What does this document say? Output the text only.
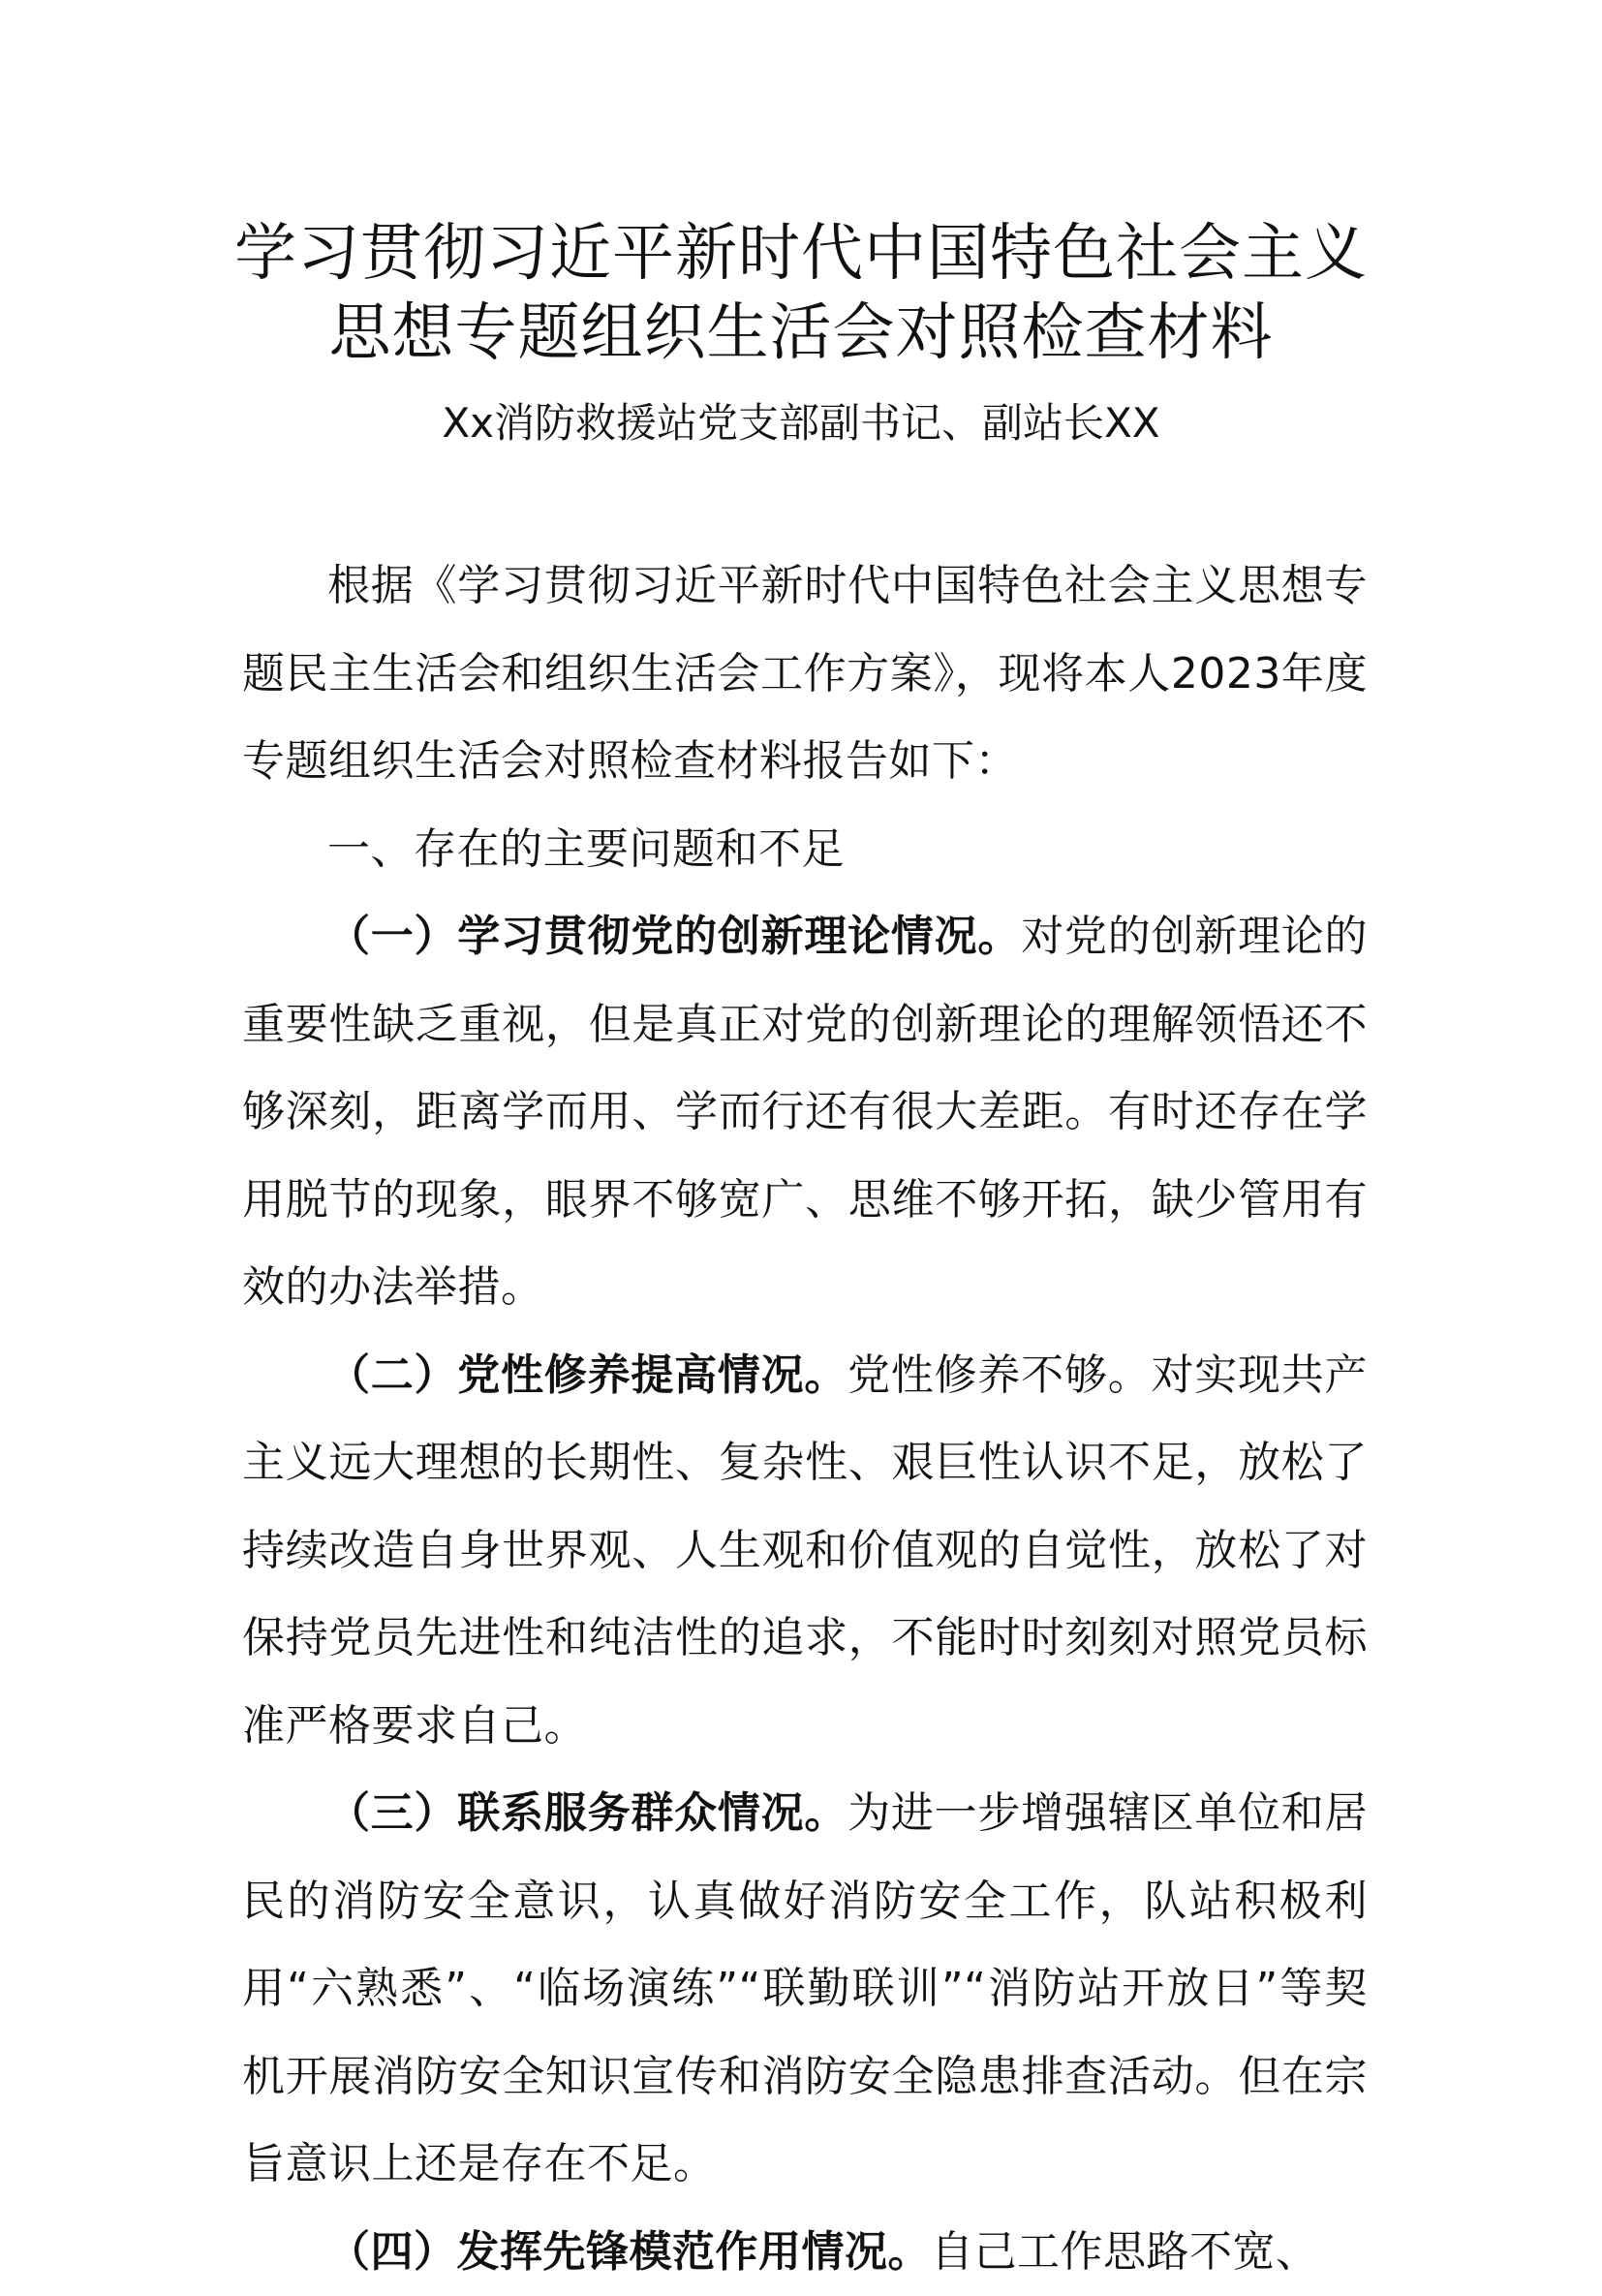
学习贯彻习近平新时代中国特色社会主义
思想专题组织生活会对照检查材料
Xx消防救援站党支部副书记、副站长XX

根据《学习贯彻习近平新时代中国特色社会主义思想专题民主生活会和组织生活会工作方案》，现将本人2023年度专题组织生活会对照检查材料报告如下：

一、存在的主要问题和不足

（一）学习贯彻党的创新理论情况。对党的创新理论的重要性缺乏重视，但是真正对党的创新理论的理解领悟还不够深刻，距离学而用、学而行还有很大差距。有时还存在学用脱节的现象，眼界不够宽广、思维不够开拓，缺少管用有效的办法举措。

（二）党性修养提高情况。党性修养不够。对实现共产主义远大理想的长期性、复杂性、艰巨性认识不足，放松了持续改造自身世界观、人生观和价值观的自觉性，放松了对保持党员先进性和纯洁性的追求，不能时时刻刻对照党员标准严格要求自己。

（三）联系服务群众情况。为进一步增强辖区单位和居民的消防安全意识，认真做好消防安全工作，队站积极利用“六熟悉”、“临场演练”“联勤联训”“消防站开放日”等契机开展消防安全知识宣传和消防安全隐患排查活动。但在宗旨意识上还是存在不足。

（四）发挥先锋模范作用情况。自己工作思路不宽、
